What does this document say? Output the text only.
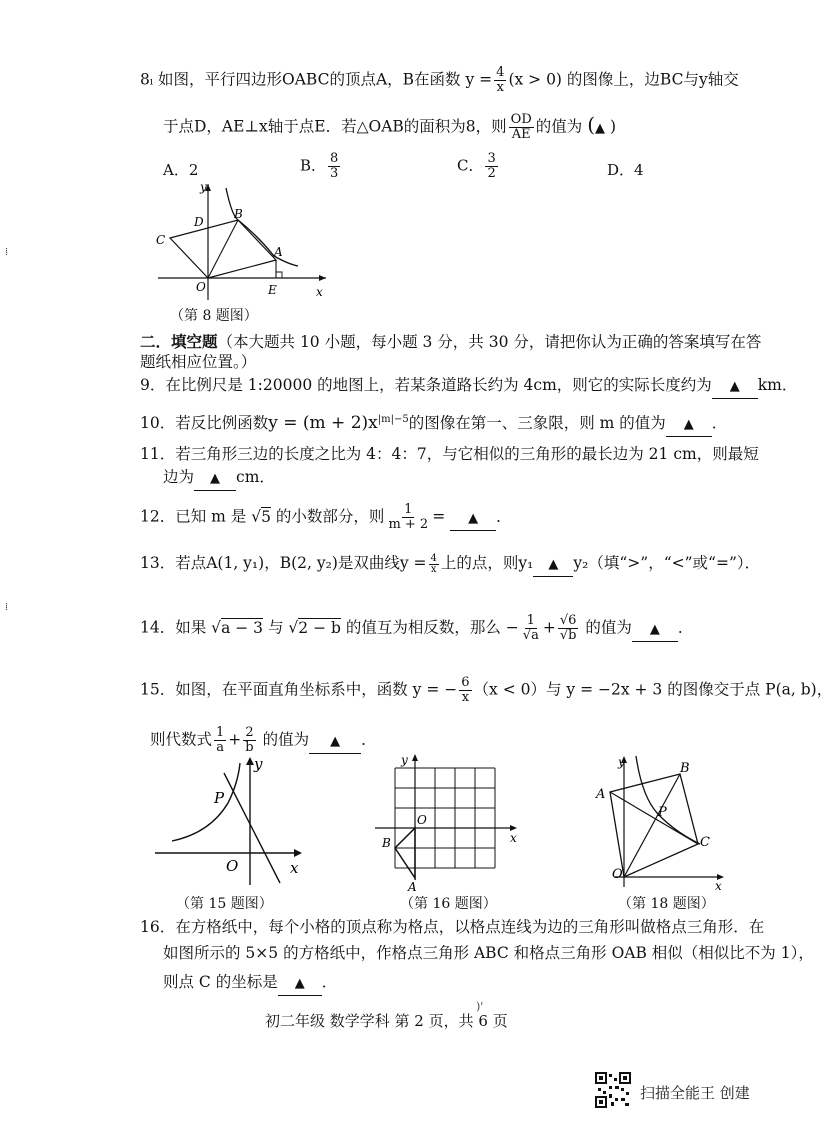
8ı 如图，平行四边形OABC的顶点A，B在函数 $y = \frac{4}{x} (x > 0)$ 的图像上，边BC与y轴交
于点D，AE⊥x轴于点E．若△OAB的面积为8，则 $\frac{OD}{AE}$ 的值为 (▲ )
A．2	B． $\frac{8}{3}$	C． $\frac{3}{2}$	D．4
y
x
O
A
B
C
D
E
（第 8 题图）
二．填空题（本大题共 10 小题，每小题 3 分，共 30 分，请把你认为正确的答案填写在答
题纸相应位置。）
9．在比例尺是 1:20000 的地图上，若某条道路长约为 4cm，则它的实际长度约为 ▲ km．
10．若反比例函数$y = (m + 2)x^{|m|-5}$的图像在第一、三象限，则 m 的值为 ▲ ．
11．若三角形三边的长度之比为 4：4：7，与它相似的三角形的最长边为 21 cm，则最短
边为 ▲ cm．
12．已知 m 是 √5 的小数部分，则 $\frac{1}{m + 2}$ = ▲ ．
13．若点A(1, y₁)，B(2, y₂)是双曲线$y = \frac{4}{x}$ 上的点，则y₁ ▲ y₂（填“>”，“<”或“=”）．
14．如果 √a − 3 与 √2 − b 的值互为相反数，那么 − $\frac{1}{√a} + \frac{√6}{√b}$ 的值为 ▲ ．
15．如图，在平面直角坐标系中，函数 y = − $\frac{6}{x} (x < 0)$与 y = −2x + 3 的图像交于点 P(a, b)，
则代数式 $\frac{1}{a} + \frac{2}{b}$ 的值为 ▲ ．
P
y
O	x
（第 15 题图）
y
O
B
A
x
（第 16 题图）
y
A
B
P
C
O
x
（第 18 题图）
16．在方格纸中，每个小格的顶点称为格点，以格点连线为边的三角形叫做格点三角形．在
如图所示的 5×5 的方格纸中，作格点三角形 ABC 和格点三角形 OAB 相似（相似比不为 1），
则点 C 的坐标是 ▲ ．
初二年级 数学学科 第 2 页，共 6 页
⁞
⁞
)'
扫描全能王 创建
